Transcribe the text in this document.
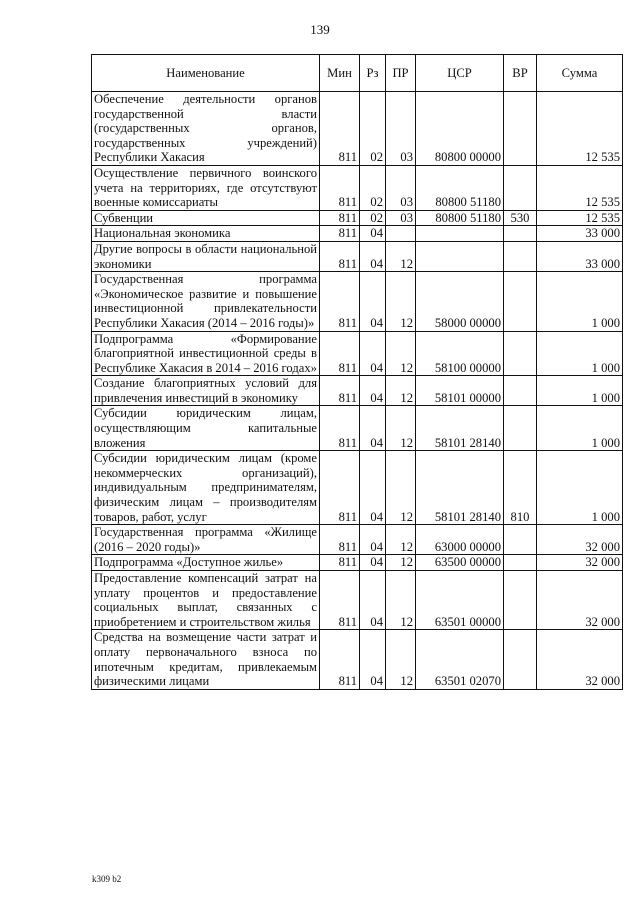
139
Наименование	Мин	Рз	ПР	ЦСР	ВР	Сумма
Обеспечение деятельности органов государственной власти (государственных органов, государственных учреждений) Республики Хакасия	811	02	03	80800 00000		12 535
Осуществление первичного воинского учета на территориях, где отсутствуют военные комиссариаты	811	02	03	80800 51180		12 535
Субвенции	811	02	03	80800 51180	530	12 535
Национальная экономика	811	04				33 000
Другие вопросы в области национальной экономики	811	04	12			33 000
Государственная программа «Экономическое развитие и повышение инвестиционной привлекательности Республики Хакасия (2014 – 2016 годы)»	811	04	12	58000 00000		1 000
Подпрограмма «Формирование благоприятной инвестиционной среды в Республике Хакасия в 2014 – 2016 годах»	811	04	12	58100 00000		1 000
Создание благоприятных условий для привлечения инвестиций в экономику	811	04	12	58101 00000		1 000
Субсидии юридическим лицам, осуществляющим капитальные вложения	811	04	12	58101 28140		1 000
Субсидии юридическим лицам (кроме некоммерческих организаций), индивидуальным предпринимателям, физическим лицам – производителям товаров, работ, услуг	811	04	12	58101 28140	810	1 000
Государственная программа «Жилище (2016 – 2020 годы)»	811	04	12	63000 00000		32 000
Подпрограмма «Доступное жилье»	811	04	12	63500 00000		32 000
Предоставление компенсаций затрат на уплату процентов и предоставление социальных выплат, связанных с приобретением и строительством жилья	811	04	12	63501 00000		32 000
Средства на возмещение части затрат и оплату первоначального взноса по ипотечным кредитам, привлекаемым физическими лицами	811	04	12	63501 02070		32 000
k309 b2
